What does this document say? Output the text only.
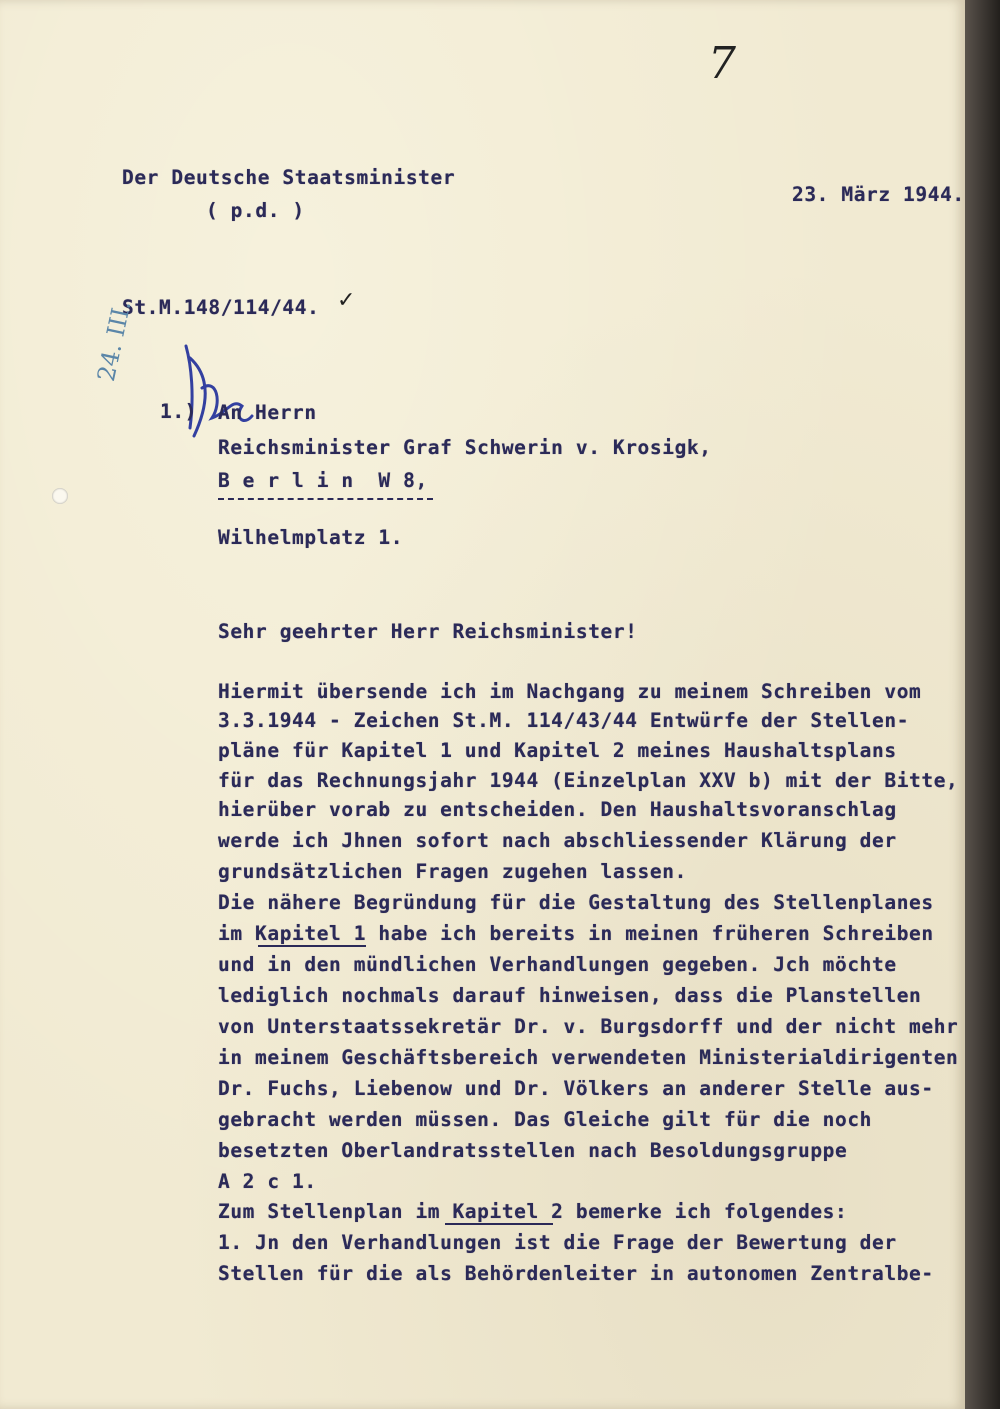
7
Der Deutsche Staatsminister
( p.d. )
23. März 1944.
St.M.148/114/44. ✓
24. III.
1.) An Herrn
Reichsminister Graf Schwerin v. Krosigk,
B e r l i n  W 8,
Wilhelmplatz 1.
Sehr geehrter Herr Reichsminister!
Hiermit übersende ich im Nachgang zu meinem Schreiben vom
3.3.1944 - Zeichen St.M. 114/43/44 Entwürfe der Stellen-
pläne für Kapitel 1 und Kapitel 2 meines Haushaltsplans
für das Rechnungsjahr 1944 (Einzelplan XXV b) mit der Bitte,
hierüber vorab zu entscheiden. Den Haushaltsvoranschlag
werde ich Jhnen sofort nach abschliessender Klärung der
grundsätzlichen Fragen zugehen lassen.
Die nähere Begründung für die Gestaltung des Stellenplanes
im Kapitel 1 habe ich bereits in meinen früheren Schreiben
und in den mündlichen Verhandlungen gegeben. Jch möchte
lediglich nochmals darauf hinweisen, dass die Planstellen
von Unterstaatssekretär Dr. v. Burgsdorff und der nicht mehr
in meinem Geschäftsbereich verwendeten Ministerialdirigenten
Dr. Fuchs, Liebenow und Dr. Völkers an anderer Stelle aus-
gebracht werden müssen. Das Gleiche gilt für die noch
besetzten Oberlandratsstellen nach Besoldungsgruppe
A 2 c 1.
Zum Stellenplan im Kapitel 2 bemerke ich folgendes:
1. Jn den Verhandlungen ist die Frage der Bewertung der
Stellen für die als Behördenleiter in autonomen Zentralbe-
